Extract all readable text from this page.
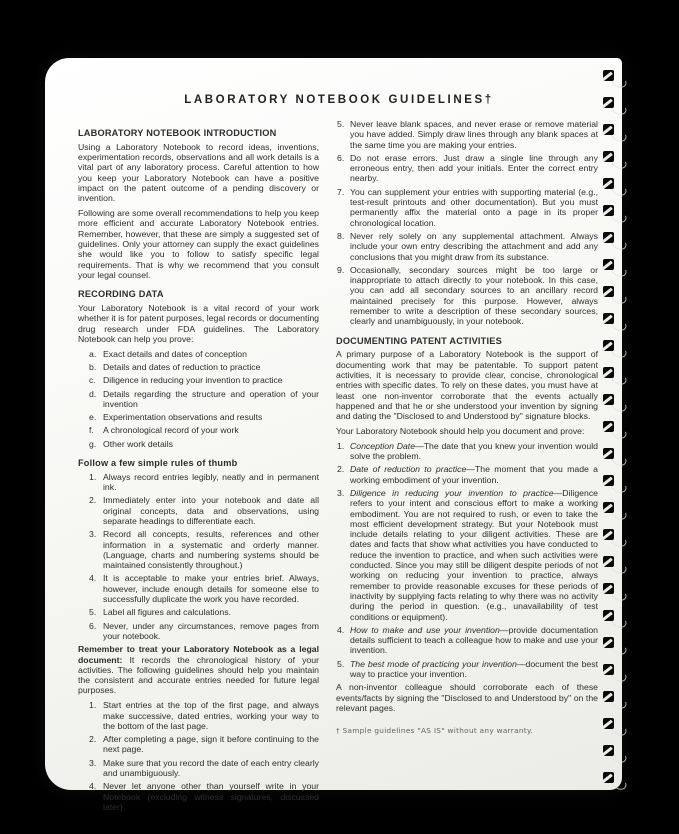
LABORATORY NOTEBOOK GUIDELINES†
LABORATORY NOTEBOOK INTRODUCTION
Using a Laboratory Notebook to record ideas, inventions, experimentation records, observations and all work details is a vital part of any laboratory process. Careful attention to how you keep your Laboratory Notebook can have a positive impact on the patent outcome of a pending discovery or invention.
Following are some overall recommendations to help you keep more efficient and accurate Laboratory Notebook entries. Remember, however, that these are simply a suggested set of guidelines. Only your attorney can supply the exact guidelines she would like you to follow to satisfy specific legal requirements. That is why we recommend that you consult your legal counsel.
RECORDING DATA
Your Laboratory Notebook is a vital record of your work whether it is for patent purposes, legal records or documenting drug research under FDA guidelines. The Laboratory Notebook can help you prove:
a. Exact details and dates of conception
b. Details and dates of reduction to practice
c. Diligence in reducing your invention to practice
d. Details regarding the structure and operation of your invention
e. Experimentation observations and results
f. A chronological record of your work
g. Other work details
Follow a few simple rules of thumb
1. Always record entries legibly, neatly and in permanent ink.
2. Immediately enter into your notebook and date all original concepts, data and observations, using separate headings to differentiate each.
3. Record all concepts, results, references and other information in a systematic and orderly manner. (Language, charts and numbering systems should be maintained consistently throughout.)
4. It is acceptable to make your entries brief. Always, however, include enough details for someone else to successfully duplicate the work you have recorded.
5. Label all figures and calculations.
6. Never, under any circumstances, remove pages from your notebook.
Remember to treat your Laboratory Notebook as a legal document: It records the chronological history of your activities. The following guidelines should help you maintain the consistent and accurate entries needed for future legal purposes.
1. Start entries at the top of the first page, and always make successive, dated entries, working your way to the bottom of the last page.
2. After completing a page, sign it before continuing to the next page.
3. Make sure that you record the date of each entry clearly and unambiguously.
4. Never let anyone other than yourself write in your Notebook (excluding witness signatures, discussed later).
5. Never leave blank spaces, and never erase or remove material you have added. Simply draw lines through any blank spaces at the same time you are making your entries.
6. Do not erase errors. Just draw a single line through any erroneous entry, then add your initials. Enter the correct entry nearby.
7. You can supplement your entries with supporting material (e.g., test-result printouts and other documentation). But you must permanently affix the material onto a page in its proper chronological location.
8. Never rely solely on any supplemental attachment. Always include your own entry describing the attachment and add any conclusions that you might draw from its substance.
9. Occasionally, secondary sources might be too large or inappropriate to attach directly to your notebook. In this case, you can add all secondary sources to an ancillary record maintained precisely for this purpose. However, always remember to write a description of these secondary sources, clearly and unambiguously, in your notebook.
DOCUMENTING PATENT ACTIVITIES
A primary purpose of a Laboratory Notebook is the support of documenting work that may be patentable. To support patent activities, it is necessary to provide clear, concise, chronological entries with specific dates. To rely on these dates, you must have at least one non-inventor corroborate that the events actually happened and that he or she understood your invention by signing and dating the "Disclosed to and Understood by" signature blocks.
Your Laboratory Notebook should help you document and prove:
1. Conception Date—The date that you knew your invention would solve the problem.
2. Date of reduction to practice—The moment that you made a working embodiment of your invention.
3. Diligence in reducing your invention to practice—Diligence refers to your intent and conscious effort to make a working embodiment. You are not required to rush, or even to take the most efficient development strategy. But your Notebook must include details relating to your diligent activities. These are dates and facts that show what activities you have conducted to reduce the invention to practice, and when such activities were conducted. Since you may still be diligent despite periods of not working on reducing your invention to practice, always remember to provide reasonable excuses for these periods of inactivity by supplying facts relating to why there was no activity during the period in question. (e.g., unavailability of test conditions or equipment).
4. How to make and use your invention—provide documentation details sufficient to teach a colleague how to make and use your invention.
5. The best mode of practicing your invention—document the best way to practice your invention.
A non-inventor colleague should corroborate each of these events/facts by signing the "Disclosed to and Understood by" on the relevant pages.
† Sample guidelines "AS IS" without any warranty.
